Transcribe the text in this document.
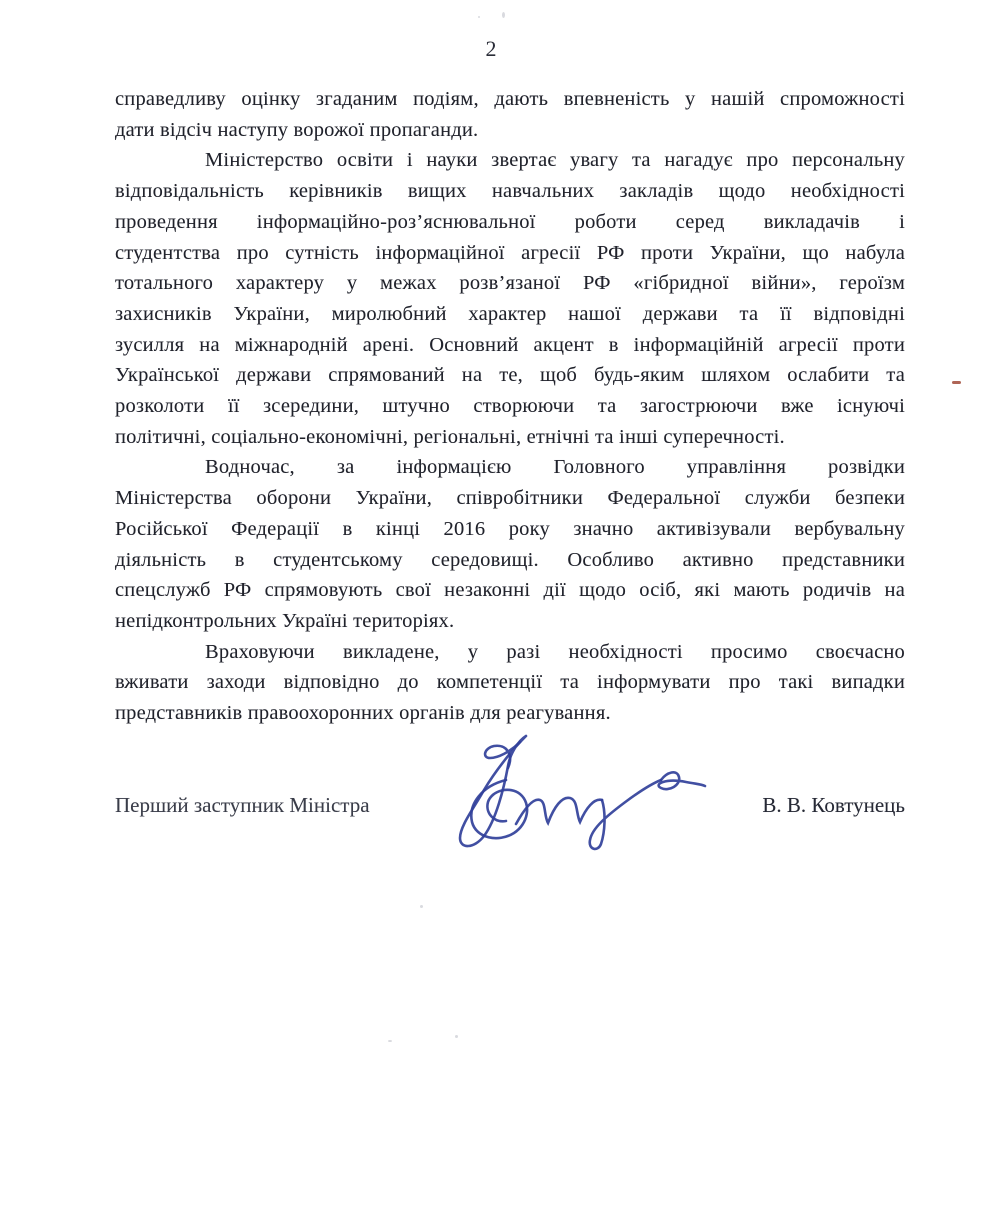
2
справедливу оцінку згаданим подіям, дають впевненість у нашій спроможності
дати відсіч наступу ворожої пропаганди.
Міністерство освіти і науки звертає увагу та нагадує про персональну
відповідальність керівників вищих навчальних закладів щодо необхідності
проведення інформаційно-роз’яснювальної роботи серед викладачів і
студентства про сутність інформаційної агресії РФ проти України, що набула
тотального характеру у межах розв’язаної РФ «гібридної війни», героїзм
захисників України, миролюбний характер нашої держави та її відповідні
зусилля на міжнародній арені. Основний акцент в інформаційній агресії проти
Української держави спрямований на те, щоб будь-яким шляхом ослабити та
розколоти її зсередини, штучно створюючи та загострюючи вже існуючі
політичні, соціально-економічні, регіональні, етнічні та інші суперечності.
Водночас, за інформацією Головного управління розвідки
Міністерства оборони України, співробітники Федеральної служби безпеки
Російської Федерації в кінці 2016 року значно активізували вербувальну
діяльність в студентському середовищі. Особливо активно представники
спецслужб РФ спрямовують свої незаконні дії щодо осіб, які мають родичів на
непідконтрольних Україні територіях.
Враховуючи викладене, у разі необхідності просимо своєчасно
вживати заходи відповідно до компетенції та інформувати про такі випадки
представників правоохоронних органів для реагування.
Перший заступник Міністра	В. В. Ковтунець
